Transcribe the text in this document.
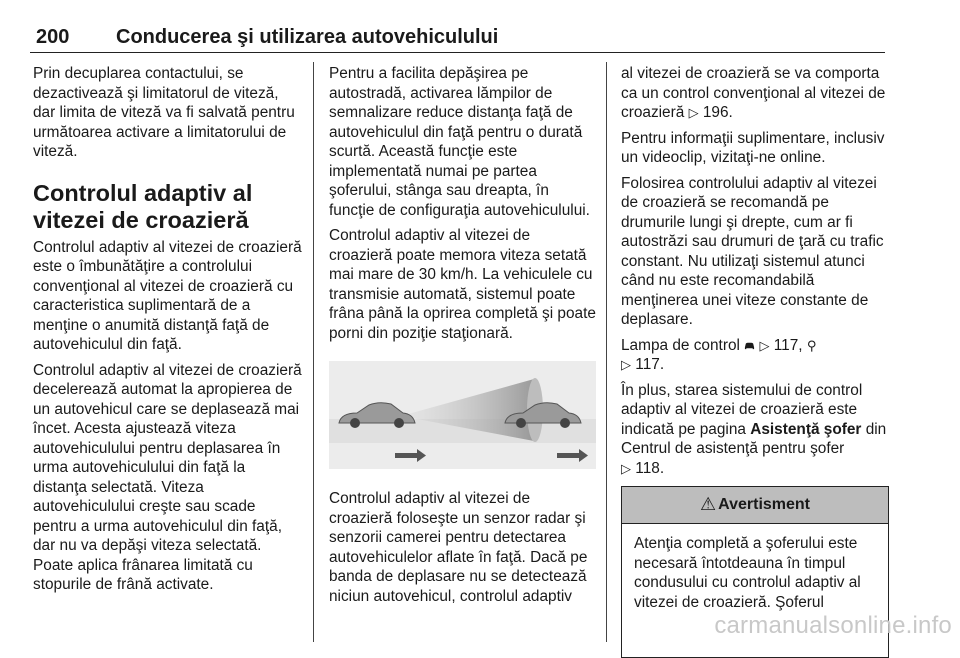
200 Conducerea şi utilizarea autovehiculului

Prin decuplarea contactului, se dezactivează şi limitatorul de viteză, dar limita de viteză va fi salvată pentru următoarea activare a limitatorului de viteză.

Controlul adaptiv al vitezei de croazieră

Controlul adaptiv al vitezei de croazieră este o îmbunătăţire a controlului convenţional al vitezei de croazieră cu caracteristica suplimentară de a menţine o anumită distanţă faţă de autovehiculul din faţă.

Controlul adaptiv al vitezei de croazieră decelerează automat la apropierea de un autovehicul care se deplasează mai încet. Acesta ajustează viteza autovehiculului pentru deplasarea în urma autovehiculului din faţă la distanţa selectată. Viteza autovehiculului creşte sau scade pentru a urma autovehiculul din faţă, dar nu va depăşi viteza selectată. Poate aplica frânarea limitată cu stopurile de frână activate.

Pentru a facilita depăşirea pe autostradă, activarea lămpilor de semnalizare reduce distanţa faţă de autovehiculul din faţă pentru o durată scurtă. Această funcţie este implementată numai pe partea şoferului, stânga sau dreapta, în funcţie de configuraţia autovehiculului.

Controlul adaptiv al vitezei de croazieră poate memora viteza setată mai mare de 30 km/h. La vehiculele cu transmisie automată, sistemul poate frâna până la oprirea completă şi poate porni din poziţie staţionară.

Controlul adaptiv al vitezei de croazieră foloseşte un senzor radar şi senzorii camerei pentru detectarea autovehiculelor aflate în faţă. Dacă pe banda de deplasare nu se detectează niciun autovehicul, controlul adaptiv

al vitezei de croazieră se va comporta ca un control convenţional al vitezei de croazieră ▷ 196.

Pentru informaţii suplimentare, inclusiv un videoclip, vizitaţi-ne online.

Folosirea controlului adaptiv al vitezei de croazieră se recomandă pe drumurile lungi şi drepte, cum ar fi autostrăzi sau drumuri de ţară cu trafic constant. Nu utilizaţi sistemul atunci când nu este recomandabilă menţinerea unei viteze constante de deplasare.

Lampa de control  ▷ 117, ⚲
▷ 117.

În plus, starea sistemului de control adaptiv al vitezei de croazieră este indicată pe pagina Asistenţă şofer din Centrul de asistenţă pentru şofer
▷ 118.

⚠ Avertisment
Atenţia completă a şoferului este necesară întotdeauna în timpul condusului cu controlul adaptiv al vitezei de croazieră. Şoferul
carmanualsonline.info
